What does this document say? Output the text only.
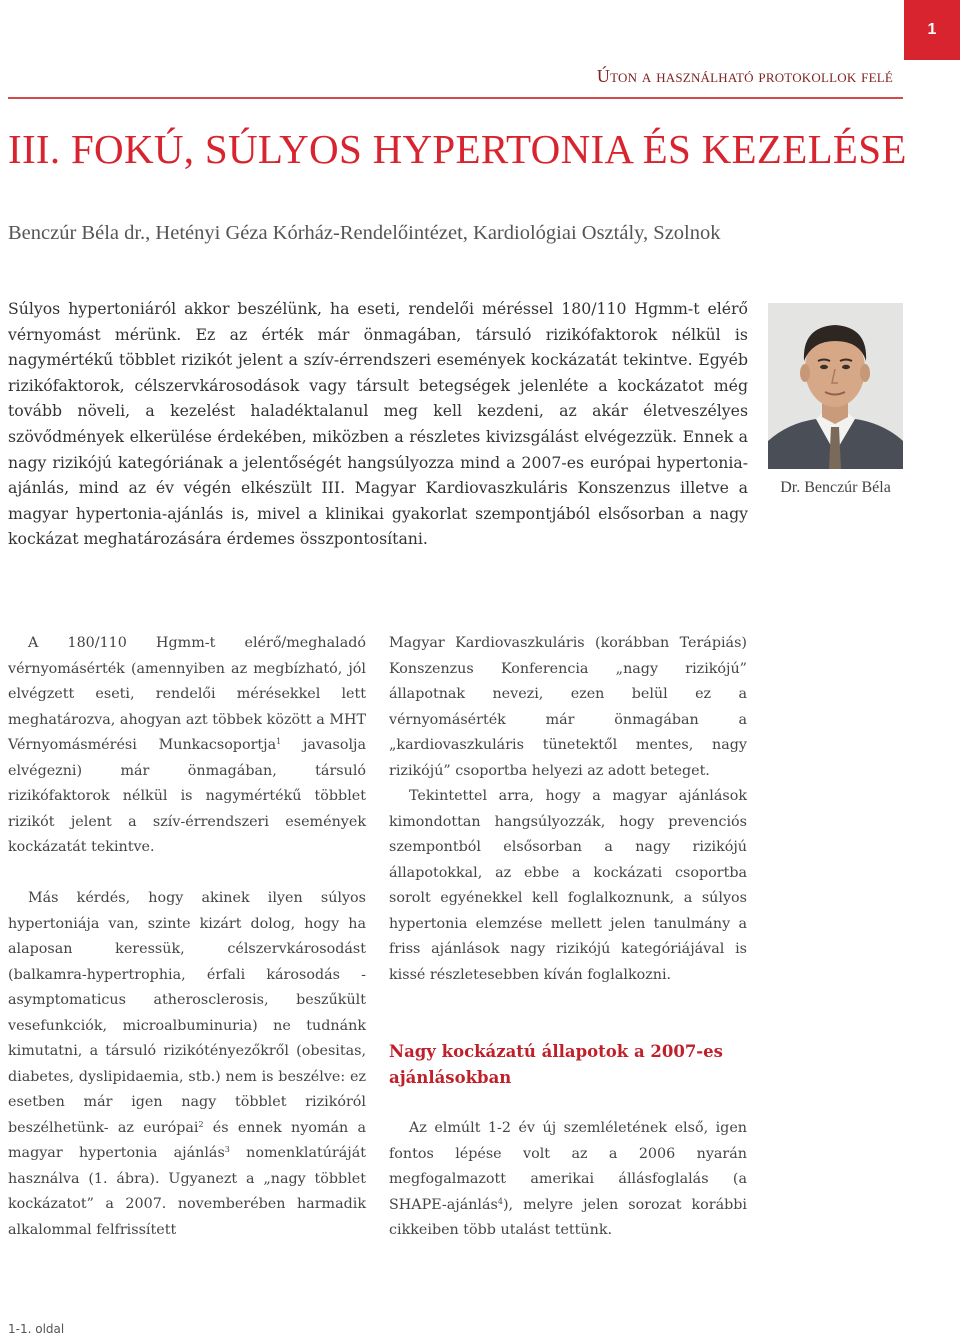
1
Úton a használható protokollok felé
III. FOKÚ, SÚLYOS HYPERTONIA ÉS KEZELÉSE
Benczúr Béla dr., Hetényi Géza Kórház-Rendelőintézet, Kardiológiai Osztály, Szolnok

Súlyos hypertoniáról akkor beszélünk, ha eseti, rendelői méréssel 180/110 Hgmm-t elérő vérnyomást mérünk. Ez az érték már önmagában, társuló rizikófaktorok nélkül is nagymértékű többlet rizikót jelent a szív-érrendszeri események kockázatát tekintve. Egyéb rizikófaktorok, célszervkárosodások vagy társult betegségek jelenléte a kockázatot még tovább növeli, a kezelést haladéktalanul meg kell kezdeni, az akár életveszélyes szövődmények elkerülése érdekében, miközben a részletes kivizsgálást elvégezzük. Ennek a nagy rizikójú kategóriának a jelentőségét hangsúlyozza mind a 2007-es európai hypertonia-ajánlás, mind az év végén elkészült III. Magyar Kardiovaszkuláris Konszenzus illetve a magyar hypertonia-ajánlás is, mivel a klinikai gyakorlat szempontjából elsősorban a nagy kockázat meghatározására érdemes összpontosítani.

Dr. Benczúr Béla

A 180/110 Hgmm-t elérő/meghaladó vérnyomásérték (amennyiben az megbízható, jól elvégzett eseti, rendelői mérésekkel lett meghatározva, ahogyan azt többek között a MHT Vérnyomásmérési Munkacsoportja$^1$ javasolja elvégezni) már önmagában, társuló rizikófaktorok nélkül is nagymértékű többlet rizikót jelent a szív-érrendszeri események kockázatát tekintve.

Más kérdés, hogy akinek ilyen súlyos hypertoniája van, szinte kizárt dolog, hogy ha alaposan keressük, célszervkárosodást (balkamra-hypertrophia, érfali károsodás - asymptomaticus atherosclerosis, beszűkült vesefunkciók, microalbuminuria) ne tudnánk kimutatni, a társuló rizikótényezőkről (obesitas, diabetes, dyslipidaemia, stb.) nem is beszélve: ez esetben már igen nagy többlet rizikóról beszélhetünk- az európai$^2$ és ennek nyomán a magyar hypertonia ajánlás$^3$ nomenklatúráját használva (1. ábra). Ugyanezt a „nagy többlet kockázatot” a 2007. novemberében harmadik alkalommal felfrissített

Magyar Kardiovaszkuláris (korábban Terápiás) Konszenzus Konferencia „nagy rizikójú” állapotnak nevezi, ezen belül ez a vérnyomásérték már önmagában a „kardiovaszkuláris tünetektől mentes, nagy rizikójú” csoportba helyezi az adott beteget.

Tekintettel arra, hogy a magyar ajánlások kimondottan hangsúlyozzák, hogy prevenciós szempontból elsősorban a nagy rizikójú állapotokkal, az ebbe a kockázati csoportba sorolt egyénekkel kell foglalkoznunk, a súlyos hypertonia elemzése mellett jelen tanulmány a friss ajánlások nagy rizikójú kategóriájával is kissé részletesebben kíván foglalkozni.

Nagy kockázatú állapotok a 2007-es ajánlásokban

Az elmúlt 1-2 év új szemléletének első, igen fontos lépése volt az a 2006 nyarán megfogalmazott amerikai állásfoglalás (a SHAPE-ajánlás$^4$), melyre jelen sorozat korábbi cikkeiben több utalást tettünk.

1-1. oldal
